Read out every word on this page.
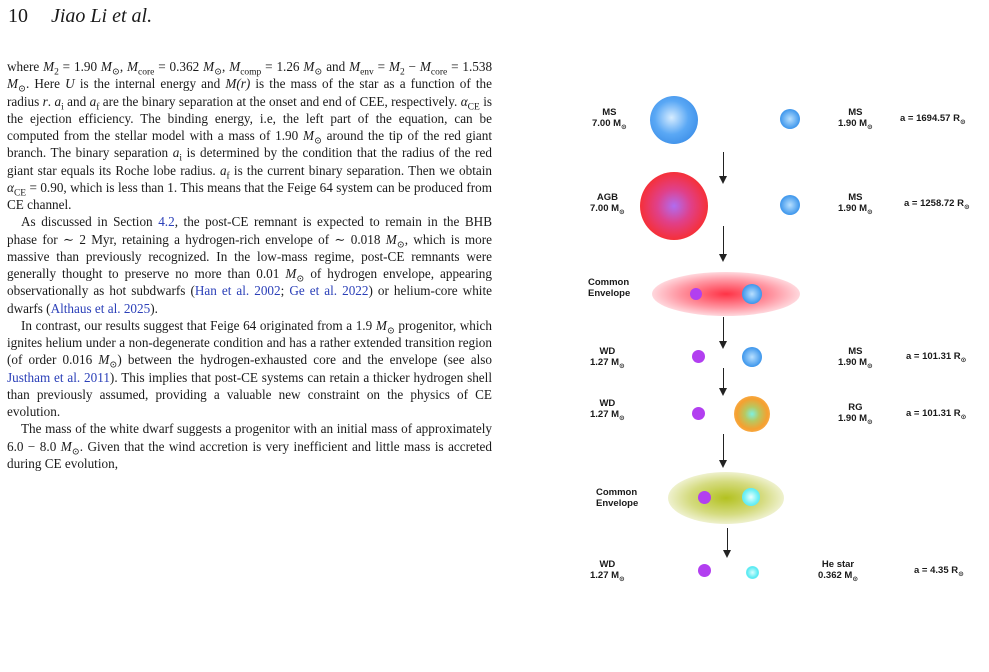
10 Jiao Li et al.

where $M_2 = 1.90$ $M_⊙$, $M_{core} = 0.362$ $M_⊙$, $M_{comp} = 1.26$ $M_⊙$ and $M_{env} = M_2 - M_{core} = 1.538$ $M_⊙$. Here U is the internal energy and M(r) is the mass of the star as a function of the radius r. $a_i$ and $a_f$ are the binary separation at the onset and end of CEE, respectively. $\alpha_{CE}$ is the ejection efficiency. The binding energy, i.e, the left part of the equation, can be computed from the stellar model with a mass of 1.90 $M_⊙$ around the tip of the red giant branch. The binary separation $a_i$ is determined by the condition that the radius of the red giant star equals its Roche lobe radius. $a_f$ is the current binary separation. Then we obtain $\alpha_{CE} = 0.90$, which is less than 1. This means that the Feige 64 system can be produced from CE channel.

As discussed in Section 4.2, the post-CE remnant is expected to remain in the BHB phase for ∼ 2 Myr, retaining a hydrogen-rich envelope of ∼ 0.018 $M_⊙$, which is more massive than previously recognized. In the low-mass regime, post-CE remnants were generally thought to preserve no more than 0.01 $M_⊙$ of hydrogen envelope, appearing observationally as hot subdwarfs (Han et al. 2002; Ge et al. 2022) or helium-core white dwarfs (Althaus et al. 2025).

In contrast, our results suggest that Feige 64 originated from a 1.9 $M_⊙$ progenitor, which ignites helium under a non-degenerate condition and has a rather extended transition region (of order 0.016 $M_⊙$) between the hydrogen-exhausted core and the envelope (see also Justham et al. 2011). This implies that post-CE systems can retain a thicker hydrogen shell than previously assumed, providing a valuable new constraint on the physics of CE evolution.

The mass of the white dwarf suggests a progenitor with an initial mass of approximately 6.0 − 8.0 $M_⊙$. Given that the wind accretion is very inefficient and little mass is accreted during CE evolution,

MS
7.00 $M_⊙$
MS
1.90 $M_⊙$
a = 1694.57 $R_⊙$
AGB
7.00 $M_⊙$
MS
1.90 $M_⊙$
a = 1258.72 $R_⊙$
Common
Envelope
WD
1.27 $M_⊙$
MS
1.90 $M_⊙$
a = 101.31 $R_⊙$
WD
1.27 $M_⊙$
RG
1.90 $M_⊙$
a = 101.31 $R_⊙$
Common
Envelope
WD
1.27 $M_⊙$
He star
0.362 $M_⊙$
a = 4.35 $R_⊙$
